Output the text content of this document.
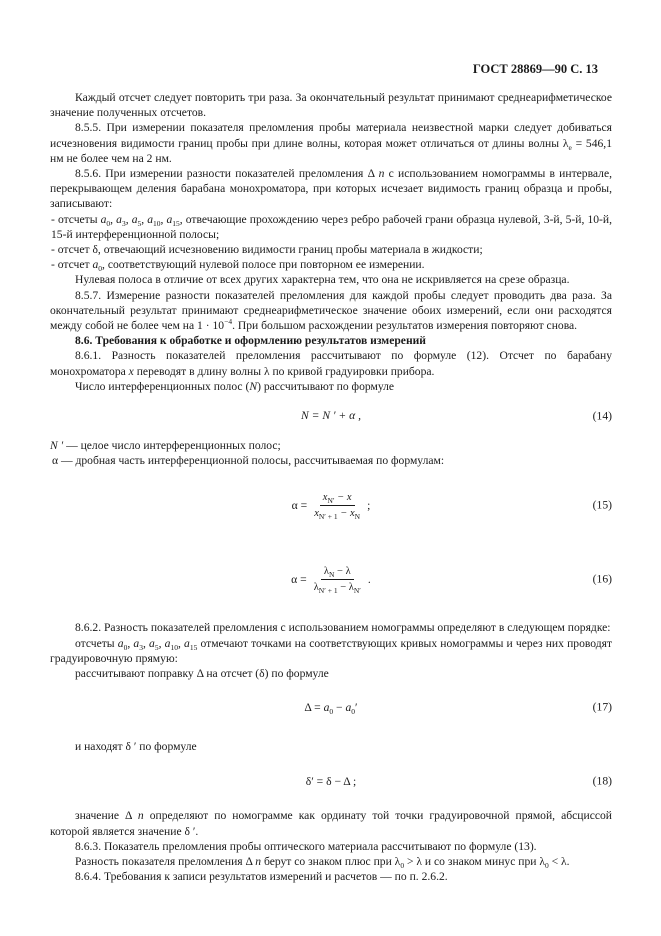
ГОСТ 28869—90 С. 13

Каждый отсчет следует повторить три раза. За окончательный результат принимают среднеарифметическое значение полученных отсчетов.

8.5.5. При измерении показателя преломления пробы материала неизвестной марки следует добиваться исчезновения видимости границ пробы при длине волны, которая может отличаться от длины волны $\lambda_e = 546,1$ нм не более чем на 2 нм.

8.5.6. При измерении разности показателей преломления Δ n с использованием номограммы в интервале, перекрывающем деления барабана монохроматора, при которых исчезает видимость границ образца и пробы, записывают:

- отсчеты $a_0$, $a_3$, $a_5$, $a_{10}$, $a_{15}$, отвечающие прохождению через ребро рабочей грани образца нулевой, 3-й, 5-й, 10-й, 15-й интерференционной полосы;

- отсчет δ, отвечающий исчезновению видимости границ пробы материала в жидкости;

- отсчет $a_0$, соответствующий нулевой полосе при повторном ее измерении.

Нулевая полоса в отличие от всех других характерна тем, что она не искривляется на срезе образца.

8.5.7. Измерение разности показателей преломления для каждой пробы следует проводить два раза. За окончательный результат принимают среднеарифметическое значение обоих измерений, если они расходятся между собой не более чем на $1 \cdot 10^{-4}$. При большом расхождении результатов измерения повторяют снова.

8.6. Требования к обработке и оформлению результатов измерений

8.6.1. Разность показателей преломления рассчитывают по формуле (12). Отсчет по барабану монохроматора x переводят в длину волны λ по кривой градуировки прибора.

Число интерференционных полос (N) рассчитывают по формуле

N = N ′ + α ,	(14)

N ′ — целое число интерференционных полос;

α — дробная часть интерференционной полосы, рассчитываемая по формулам:

$\alpha = \frac{x_{N'} - x}{x_{N' + 1} - x_N}$ ;	(15)
$\alpha = \frac{\lambda_N - \lambda}{\lambda_{N' + 1} - \lambda_{N'}}$ .	(16)

8.6.2. Разность показателей преломления с использованием номограммы определяют в следующем порядке:

отсчеты $a_0$, $a_3$, $a_5$, $a_{10}$, $a_{15}$ отмечают точками на соответствующих кривых номограммы и через них проводят градуировочную прямую:

рассчитывают поправку Δ на отсчет (δ) по формуле

$\Delta = a_0 - a_0'$	(17)

и находят δ ′ по формуле

δ′ = δ − Δ ;	(18)

значение Δ n определяют по номограмме как ординату той точки градуировочной прямой, абсциссой которой является значение δ ′.

8.6.3. Показатель преломления пробы оптического материала рассчитывают по формуле (13).

Разность показателя преломления Δ n берут со знаком плюс при $\lambda_0 > \lambda$ и со знаком минус при $\lambda_0 < \lambda$.

8.6.4. Требования к записи результатов измерений и расчетов — по п. 2.6.2.
